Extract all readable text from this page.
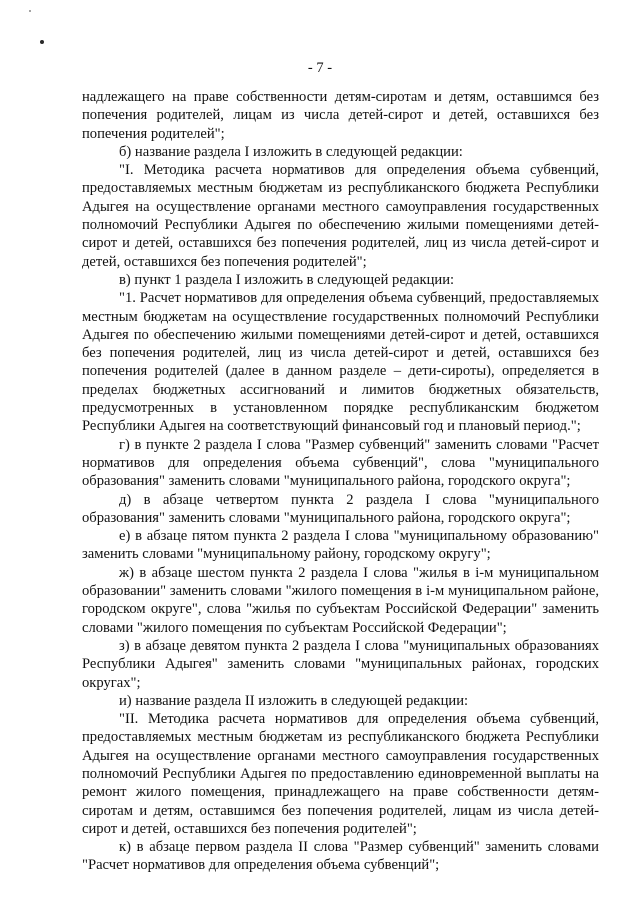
- 7 -

надлежащего на праве собственности детям-сиротам и детям, оставшимся без попечения родителей, лицам из числа детей-сирот и детей, оставшихся без попечения родителей";

б) название раздела I изложить в следующей редакции:

"I. Методика расчета нормативов для определения объема субвенций, предоставляемых местным бюджетам из республиканского бюджета Республики Адыгея на осуществление органами местного самоуправления государственных полномочий Республики Адыгея по обеспечению жилыми помещениями детей-сирот и детей, оставшихся без попечения родителей, лиц из числа детей-сирот и детей, оставшихся без попечения родителей";

в) пункт 1 раздела I изложить в следующей редакции:

"1. Расчет нормативов для определения объема субвенций, предоставляемых местным бюджетам на осуществление государственных полномочий Республики Адыгея по обеспечению жилыми помещениями детей-сирот и детей, оставшихся без попечения родителей, лиц из числа детей-сирот и детей, оставшихся без попечения родителей (далее в данном разделе – дети-сироты), определяется в пределах бюджетных ассигнований и лимитов бюджетных обязательств, предусмотренных в установленном порядке республиканским бюджетом Республики Адыгея на соответствующий финансовый год и плановый период.";

г) в пункте 2 раздела I слова "Размер субвенций" заменить словами "Расчет нормативов для определения объема субвенций", слова "муниципального образования" заменить словами "муниципального района, городского округа";

д) в абзаце четвертом пункта 2 раздела I слова "муниципального образования" заменить словами "муниципального района, городского округа";

е) в абзаце пятом пункта 2 раздела I слова "муниципальному образованию" заменить словами "муниципальному району, городскому округу";

ж) в абзаце шестом пункта 2 раздела I слова "жилья в i-м муниципальном образовании" заменить словами "жилого помещения в i-м муниципальном районе, городском округе", слова "жилья по субъектам Российской Федерации" заменить словами "жилого помещения по субъектам Российской Федерации";

з) в абзаце девятом пункта 2 раздела I слова "муниципальных образованиях Республики Адыгея" заменить словами "муниципальных районах, городских округах";

и) название раздела II изложить в следующей редакции:

"II. Методика расчета нормативов для определения объема субвенций, предоставляемых местным бюджетам из республиканского бюджета Республики Адыгея на осуществление органами местного самоуправления государственных полномочий Республики Адыгея по предоставлению единовременной выплаты на ремонт жилого помещения, принадлежащего на праве собственности детям-сиротам и детям, оставшимся без попечения родителей, лицам из числа детей-сирот и детей, оставшихся без попечения родителей";

к) в абзаце первом раздела II слова "Размер субвенций" заменить словами "Расчет нормативов для определения объема субвенций";
